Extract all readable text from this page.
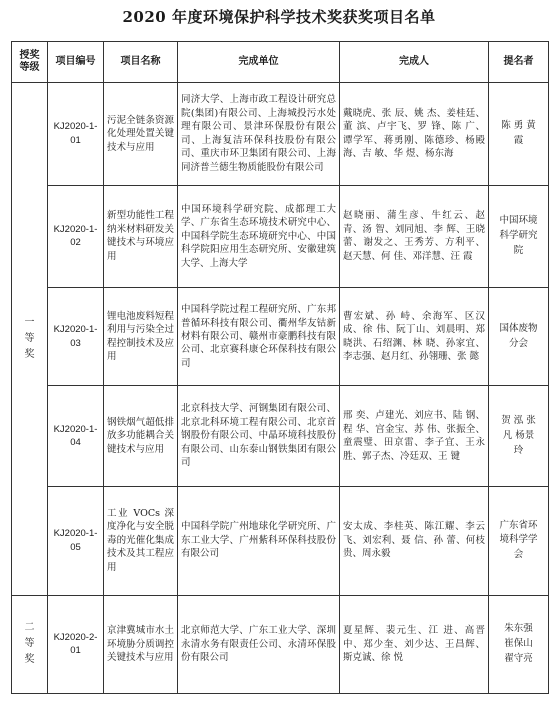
2020 年度环境保护科学技术奖获奖项目名单
授奖等级	项目编号	项目名称	完成单位	完成人	提名者
一等奖	KJ2020-1-01	污泥全链条资源化处理处置关键技术与应用	同济大学、上海市政工程设计研究总院(集团)有限公司、上海城投污水处理有限公司、景津环保股份有限公司、上海复洁环保科技股份有限公司、重庆市环卫集团有限公司、上海同济普兰德生物质能股份有限公司	戴晓虎、张 辰、姚 杰、姜桂廷、董 滨、卢宇飞、罗 锋、陈 广、谭学军、蒋勇刚、陈德珍、杨殿海、吉 敏、华 煜、杨东海	陈 勇 黄 霞
	KJ2020-1-02	新型功能性工程纳米材料研发关键技术与环境应用	中国环境科学研究院、成都理工大学、广东省生态环境技术研究中心、中国科学院生态环境研究中心、中国科学院阳应用生态研究所、安徽建筑大学、上海大学	赵晓丽、蒲生彦、牛红云、赵 青、汤 智、刘同旭、李 辉、王晓蕾、谢发之、王秀芳、方利平、赵天慧、何 佳、邓洋慧、汪 霞	中国环境科学研究院
	KJ2020-1-03	锂电池废料短程利用与污染全过程控制技术及应用	中国科学院过程工程研究所、广东邦普循环科技有限公司、衢州华友钴新材料有限公司、赣州市豪鹏科技有限公司、北京赛科康仑环保科技有限公司	曹宏斌、孙 峙、余海军、区汉成、徐 伟、阮丁山、刘晨明、郑晓洪、石绍渊、林 晓、孙家宜、李志强、赵月红、孙翎珊、张 懿	国体废物分会
	KJ2020-1-04	钢铁烟气超低排放多功能耦合关键技术与应用	北京科技大学、河钢集团有限公司、北京北科环境工程有限公司、北京首钢股份有限公司、中晶环境科技股份有限公司、山东泰山钢铁集团有限公司	邢 奕、卢建光、刘应书、陆 钢、程 华、宫金宝、苏 伟、张振全、童震璧、田京雷、李子宜、王永胜、郭子杰、冷廷双、王 键	贺 泓 张 凡 杨景玲
	KJ2020-1-05	工业 VOCs 深度净化与安全脱毒的光催化集成技术及其工程应用	中国科学院广州地球化学研究所、广东工业大学、广州紫科环保科技股份有限公司	安太成、李桂英、陈江耀、李云飞、刘宏利、聂 信、孙 蕾、何枝贵、周永毅	广东省环境科学学会
二等奖	KJ2020-2-01	京津冀城市水土环境胁分质调控关键技术与应用	北京师范大学、广东工业大学、深圳永清水务有限责任公司、永清环保股份有限公司	夏星辉、裴元生、江 进、高晋中、郑少奎、刘少达、王昌辉、斯克诚、徐 悦	朱东强 崔保山 翟守亮
